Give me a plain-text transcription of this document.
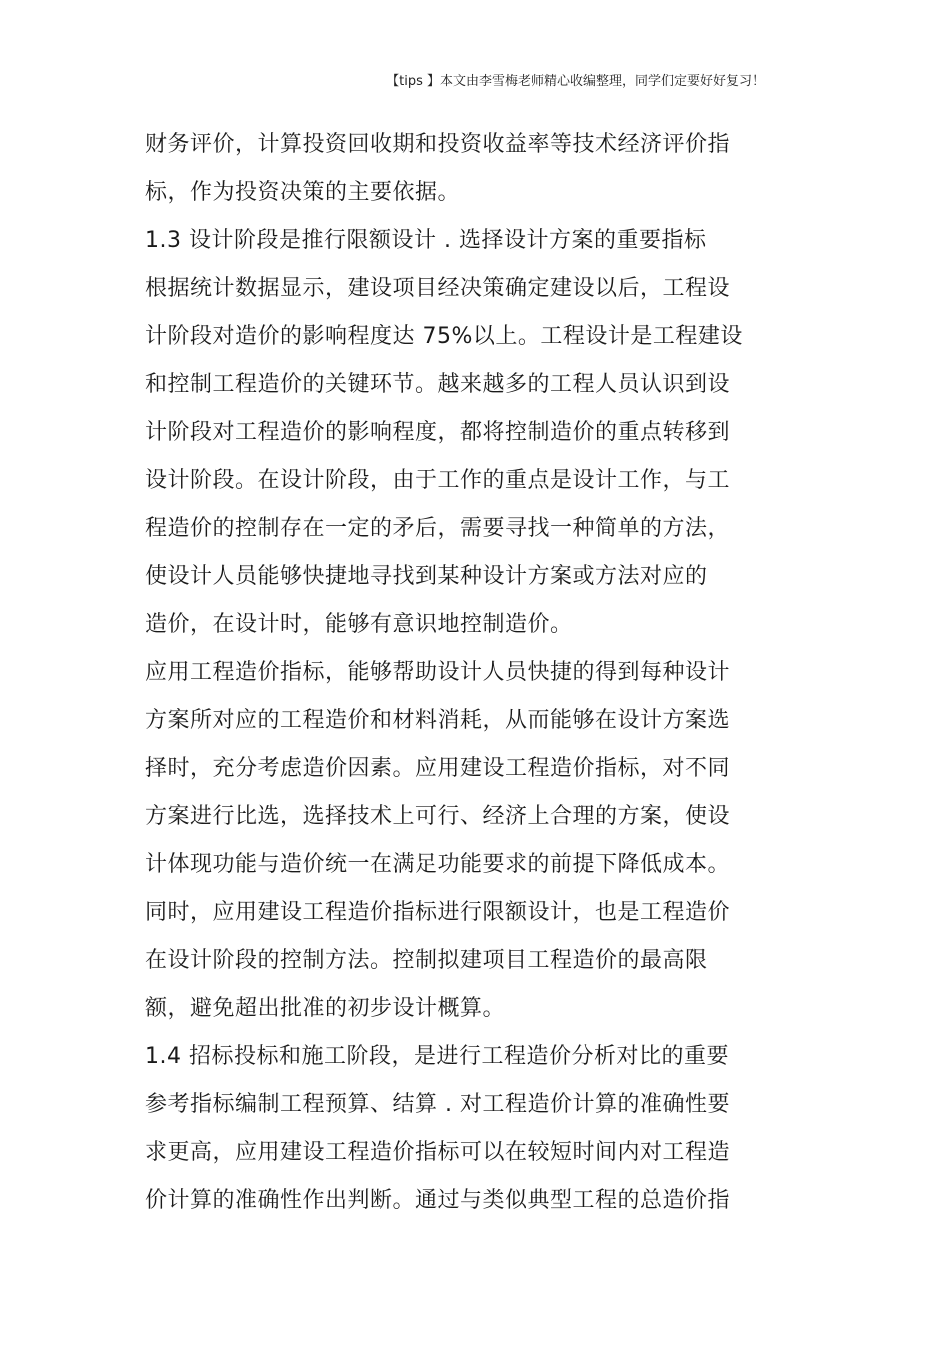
【tips 】本文由李雪梅老师精心收编整理，同学们定要好好复习！
财务评价，计算投资回收期和投资收益率等技术经济评价指
标，作为投资决策的主要依据。
1.3 设计阶段是推行限额设计 . 选择设计方案的重要指标
根据统计数据显示，建设项目经决策确定建设以后，工程设
计阶段对造价的影响程度达 75%以上。工程设计是工程建设
和控制工程造价的关键环节。越来越多的工程人员认识到设
计阶段对工程造价的影响程度，都将控制造价的重点转移到
设计阶段。在设计阶段，由于工作的重点是设计工作，与工
程造价的控制存在一定的矛后，需要寻找一种简单的方法，
使设计人员能够快捷地寻找到某种设计方案或方法对应的
造价，在设计时，能够有意识地控制造价。
应用工程造价指标，能够帮助设计人员快捷的得到每种设计
方案所对应的工程造价和材料消耗，从而能够在设计方案选
择时，充分考虑造价因素。应用建设工程造价指标，对不同
方案进行比选，选择技术上可行、经济上合理的方案，使设
计体现功能与造价统一在满足功能要求的前提下降低成本。
同时，应用建设工程造价指标进行限额设计，也是工程造价
在设计阶段的控制方法。控制拟建项目工程造价的最高限
额，避免超出批准的初步设计概算。
1.4 招标投标和施工阶段，是进行工程造价分析对比的重要
参考指标编制工程预算、结算 . 对工程造价计算的准确性要
求更高，应用建设工程造价指标可以在较短时间内对工程造
价计算的准确性作出判断。通过与类似典型工程的总造价指
